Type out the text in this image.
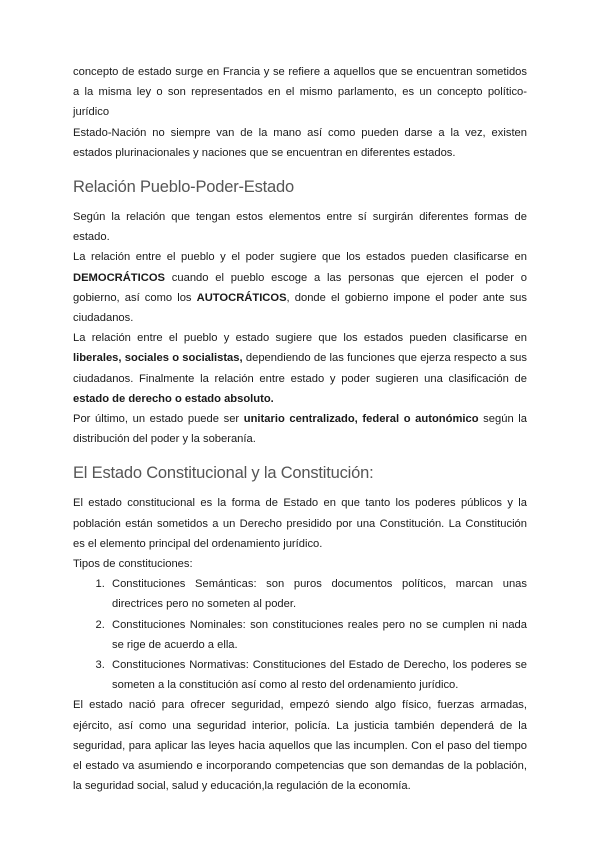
concepto de estado surge en Francia y se refiere a aquellos que se encuentran sometidos a la misma ley o son representados en el mismo parlamento, es un concepto político-jurídico

Estado-Nación no siempre van de la mano así como pueden darse a la vez, existen estados plurinacionales y naciones que se encuentran en diferentes estados.

Relación Pueblo-Poder-Estado

Según la relación que tengan estos elementos entre sí surgirán diferentes formas de estado.

La relación entre el pueblo y el poder sugiere que los estados pueden clasificarse en DEMOCRÁTICOS cuando el pueblo escoge a las personas que ejercen el poder o gobierno, así como los AUTOCRÁTICOS, donde el gobierno impone el poder ante sus ciudadanos.

La relación entre el pueblo y estado sugiere que los estados pueden clasificarse en liberales, sociales o socialistas, dependiendo de las funciones que ejerza respecto a sus ciudadanos. Finalmente la relación entre estado y poder sugieren una clasificación de estado de derecho o estado absoluto.

Por último, un estado puede ser unitario centralizado, federal o autonómico según la distribución del poder y la soberanía.

El Estado Constitucional y la Constitución:

El estado constitucional es la forma de Estado en que tanto los poderes públicos y la población están sometidos a un Derecho presidido por una Constitución. La Constitución es el elemento principal del ordenamiento jurídico.

Tipos de constituciones:

1. Constituciones Semánticas: son puros documentos políticos, marcan unas directrices pero no someten al poder.
2. Constituciones Nominales: son constituciones reales pero no se cumplen ni nada se rige de acuerdo a ella.
3. Constituciones Normativas: Constituciones del Estado de Derecho, los poderes se someten a la constitución así como al resto del ordenamiento jurídico.

El estado nació para ofrecer seguridad, empezó siendo algo físico, fuerzas armadas, ejército, así como una seguridad interior, policía. La justicia también dependerá de la seguridad, para aplicar las leyes hacia aquellos que las incumplen. Con el paso del tiempo el estado va asumiendo e incorporando competencias que son demandas de la población, la seguridad social, salud y educación,la regulación de la economía.
